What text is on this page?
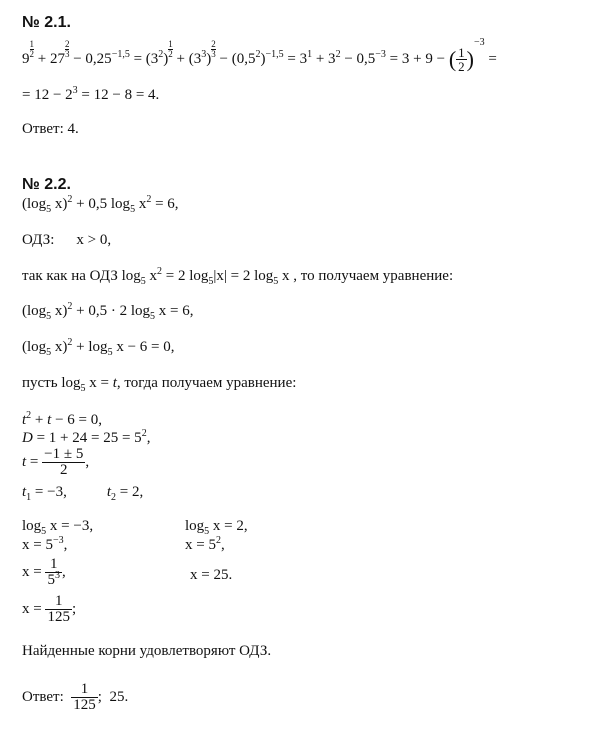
№ 2.1.
$9 \frac{1}{2} + 27 \frac{2}{3} - 0,25^{-1,5} = (3^2) \frac{1}{2} + (3^3) \frac{2}{3} - (0,5^2)^{-1,5} = 3^1 + 3^2 - 0,5^{-3} = 3 + 9$ − ( $\frac{1}{2} )^{-3}$ =
= $12 - 2^3 = 12 - 8 = 4$.
Ответ: 4.
№ 2.2.
($\log_5$ x)$^2$ + 0,5 $\log_5 x^2 = 6$,
ОДЗ: x > 0,
так как на ОДЗ $\log_5 x^2 = 2$ $\log_5|x| = 2$ $\log_5 x$ , то получаем уравнение:
($\log_5$ x)$^2$ + 0,5 · 2 $\log_5 x = 6$,
($\log_5$ $x)^2 + \log_5 x - 6 = 0$,
пусть $\log_5 x = t$, тогда получаем уравнение:
$t^2 + t - 6 = 0$,
$D = 1 + 24 = 25 = 5^2$,
$t = \frac{-1 \pm 5}{2}$ ,
$t_1 = -3$,	$t_2 = 2$,
$\log_5 x = -3$,
$x = 5^{-3}$,
$x = \frac{1}{5^3}$ ,
$x = \frac{1}{125}$ ;
$\log_5 x = 2$,
$x = 5^2$,
x = 25.
Найденные корни удовлетворяют ОДЗ.
Ответ: $\frac{1}{125}$ ; 25.
